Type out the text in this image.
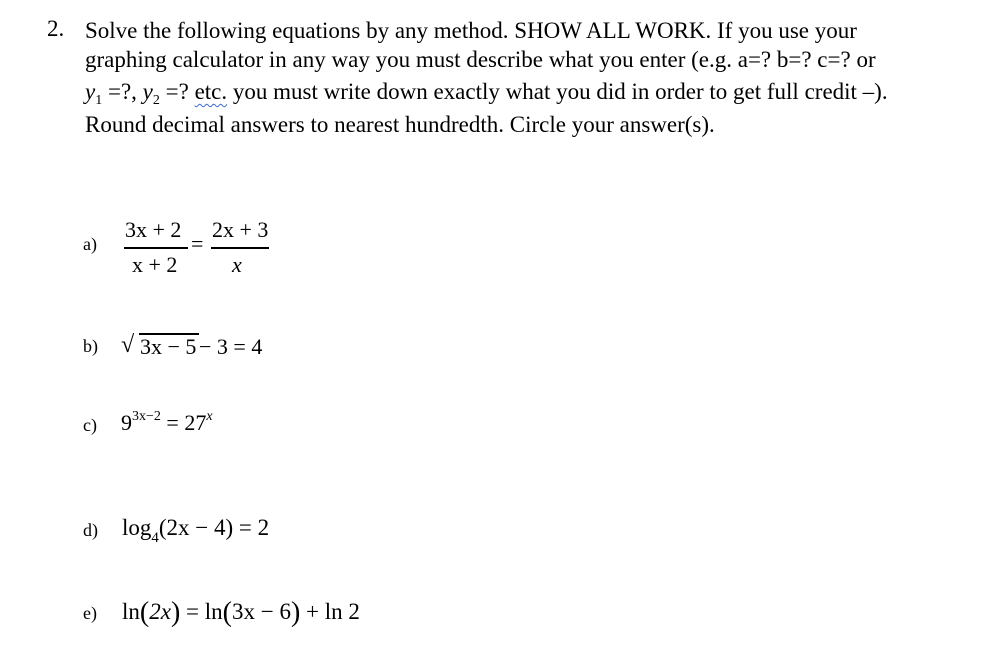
2. Solve the following equations by any method. SHOW ALL WORK. If you use your
graphing calculator in any way you must describe what you enter (e.g. a=? b=? c=? or
$y_1$ =?, $y_2$ =? etc. you must write down exactly what you did in order to get full credit –).
Round decimal answers to nearest hundredth. Circle your answer(s).
a)
3x + 2
x + 2
=
2x + 3
x
b) √ 3x − 5 − 3 = 4
c) $9^{3x-2} = 27^x$
d) $\log_4(2x - 4) = 2$
e) ln(2x) = ln(3x − 6) + ln 2
